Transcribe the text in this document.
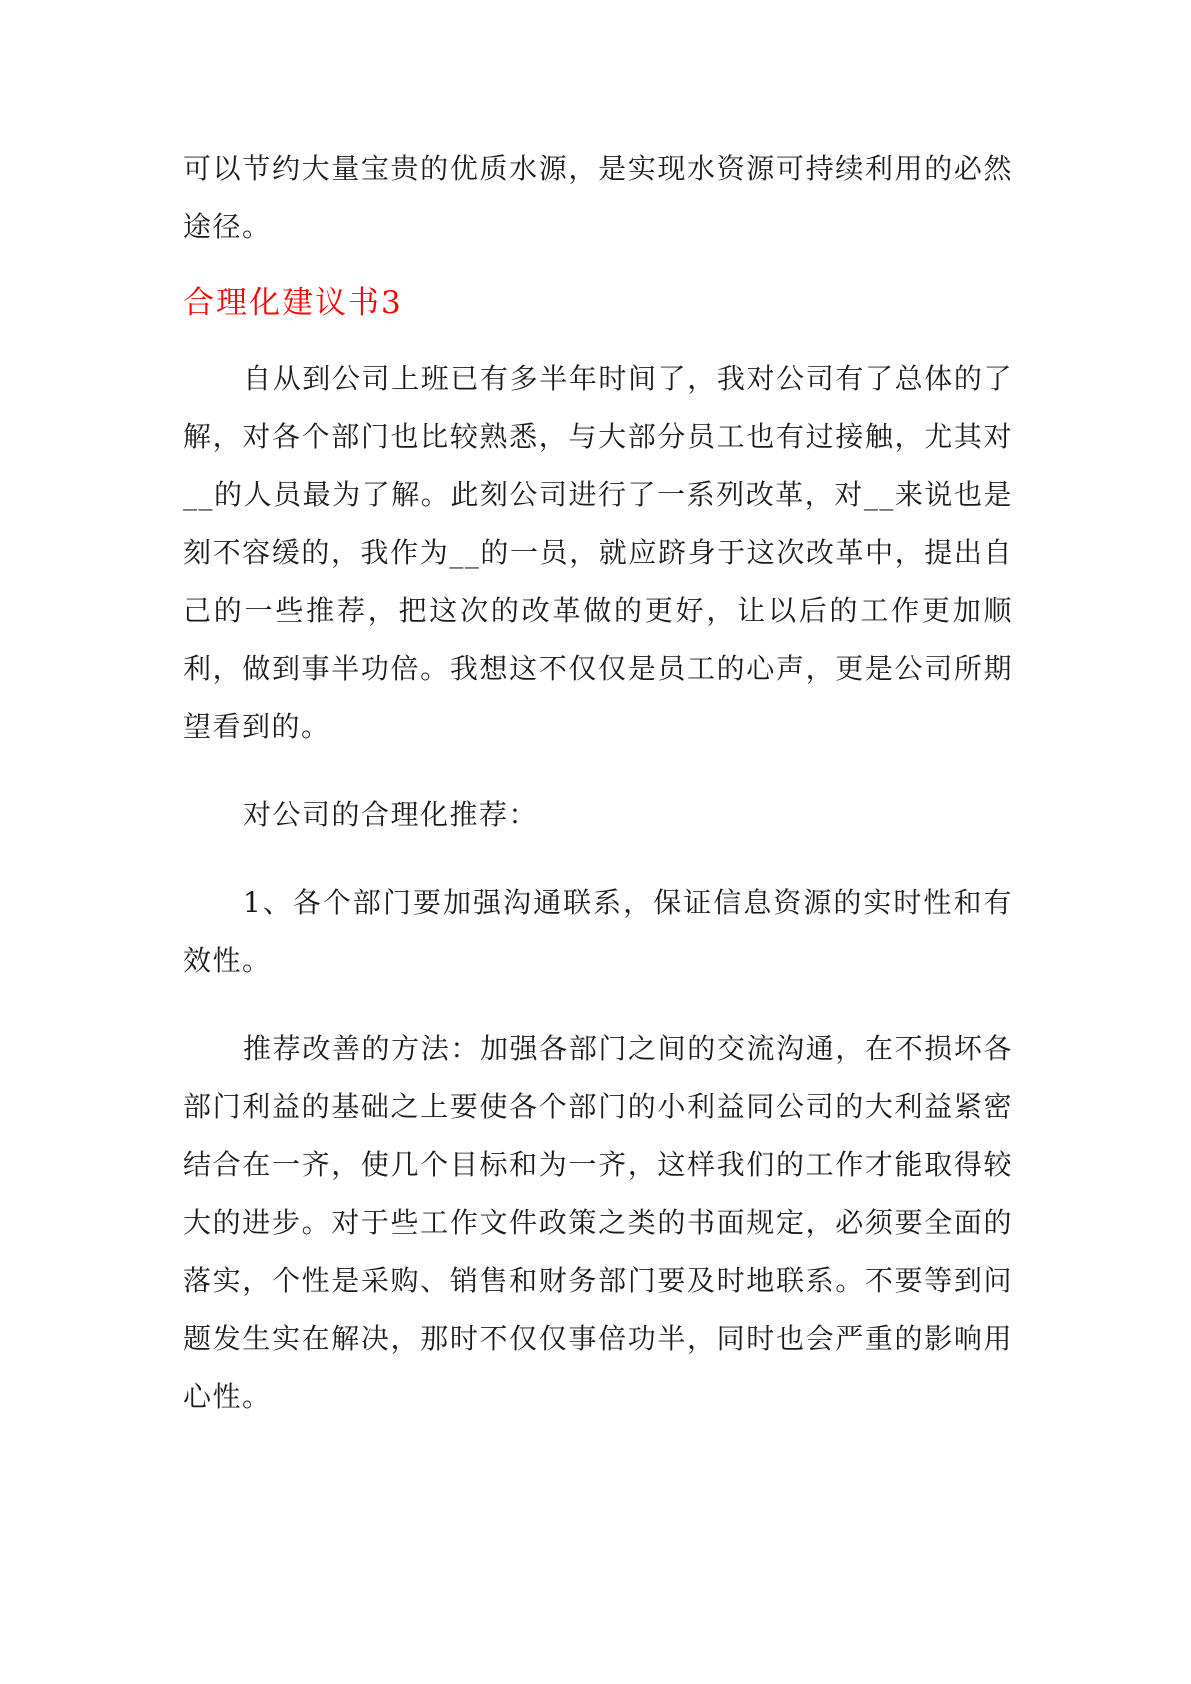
可以节约大量宝贵的优质水源，是实现水资源可持续利用的必然途径。

合理化建议书3

自从到公司上班已有多半年时间了，我对公司有了总体的了解，对各个部门也比较熟悉，与大部分员工也有过接触，尤其对__的人员最为了解。此刻公司进行了一系列改革，对__来说也是刻不容缓的，我作为__的一员，就应跻身于这次改革中，提出自己的一些推荐，把这次的改革做的更好，让以后的工作更加顺利，做到事半功倍。我想这不仅仅是员工的心声，更是公司所期望看到的。

对公司的合理化推荐：

1、各个部门要加强沟通联系，保证信息资源的实时性和有效性。

推荐改善的方法：加强各部门之间的交流沟通，在不损坏各部门利益的基础之上要使各个部门的小利益同公司的大利益紧密结合在一齐，使几个目标和为一齐，这样我们的工作才能取得较大的进步。对于些工作文件政策之类的书面规定，必须要全面的落实，个性是采购、销售和财务部门要及时地联系。不要等到问题发生实在解决，那时不仅仅事倍功半，同时也会严重的影响用心性。
